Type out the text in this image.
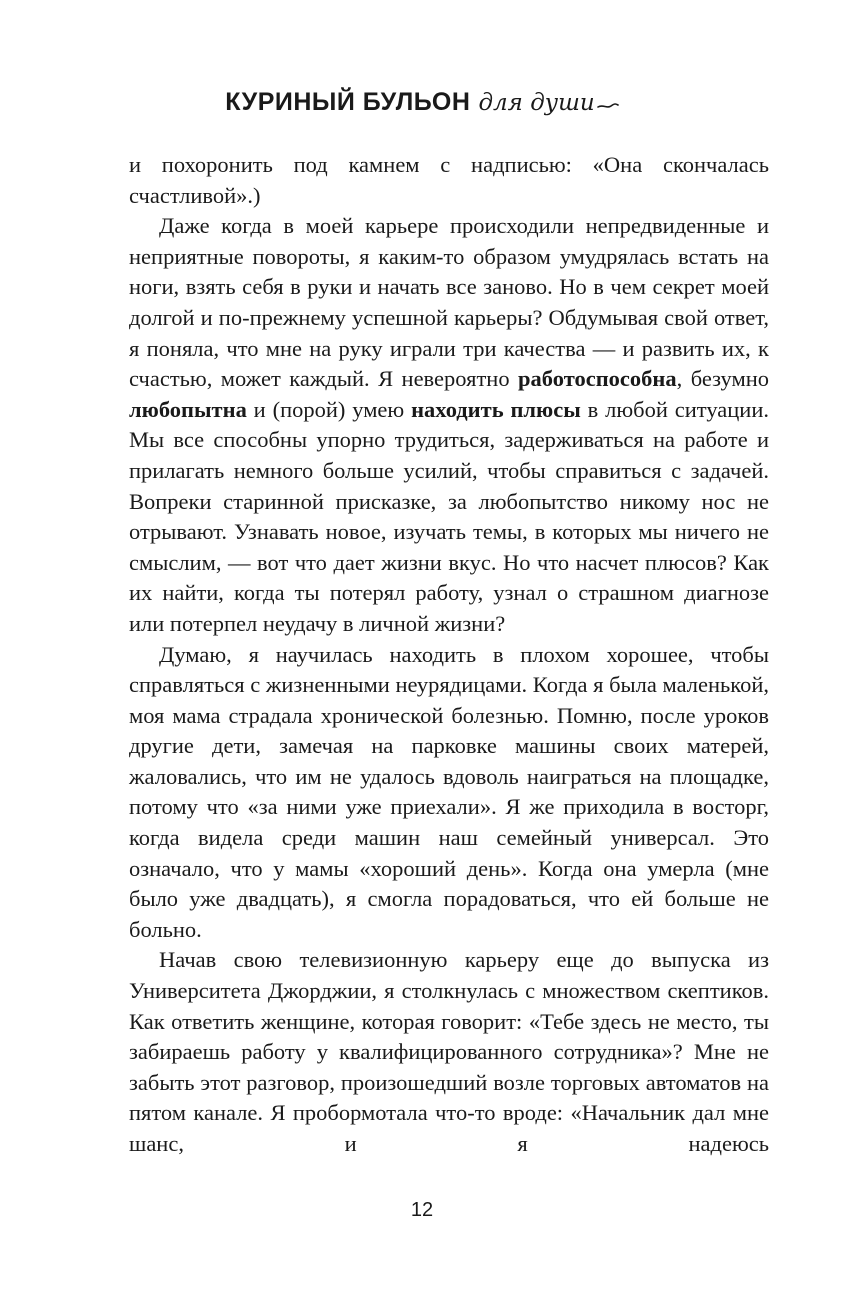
КУРИНЫЙ БУЛЬОН для души

и похоронить под камнем с надписью: «Она скончалась счастливой».)

Даже когда в моей карьере происходили непредвиденные и неприятные повороты, я каким-то образом умудрялась встать на ноги, взять себя в руки и начать все заново. Но в чем секрет моей долгой и по-прежнему успешной карьеры? Обдумывая свой ответ, я поняла, что мне на руку играли три качества — и развить их, к счастью, может каждый. Я невероятно работоспособна, безумно любопытна и (порой) умею находить плюсы в любой ситуации. Мы все способны упорно трудиться, задерживаться на работе и прилагать немного больше усилий, чтобы справиться с задачей. Вопреки старинной присказке, за любопытство никому нос не отрывают. Узнавать новое, изучать темы, в которых мы ничего не смыслим, — вот что дает жизни вкус. Но что насчет плюсов? Как их найти, когда ты потерял работу, узнал о страшном диагнозе или потерпел неудачу в личной жизни?

Думаю, я научилась находить в плохом хорошее, чтобы справляться с жизненными неурядицами. Когда я была маленькой, моя мама страдала хронической болезнью. Помню, после уроков другие дети, замечая на парковке машины своих матерей, жаловались, что им не удалось вдоволь наиграться на площадке, потому что «за ними уже приехали». Я же приходила в восторг, когда видела среди машин наш семейный универсал. Это означало, что у мамы «хороший день». Когда она умерла (мне было уже двадцать), я смогла порадоваться, что ей больше не больно.

Начав свою телевизионную карьеру еще до выпуска из Университета Джорджии, я столкнулась с множеством скептиков. Как ответить женщине, которая говорит: «Тебе здесь не место, ты забираешь работу у квалифицированного сотрудника»? Мне не забыть этот разговор, произошедший возле торговых автоматов на пятом канале. Я пробормотала что-то вроде: «Начальник дал мне шанс, и я надеюсь

12
